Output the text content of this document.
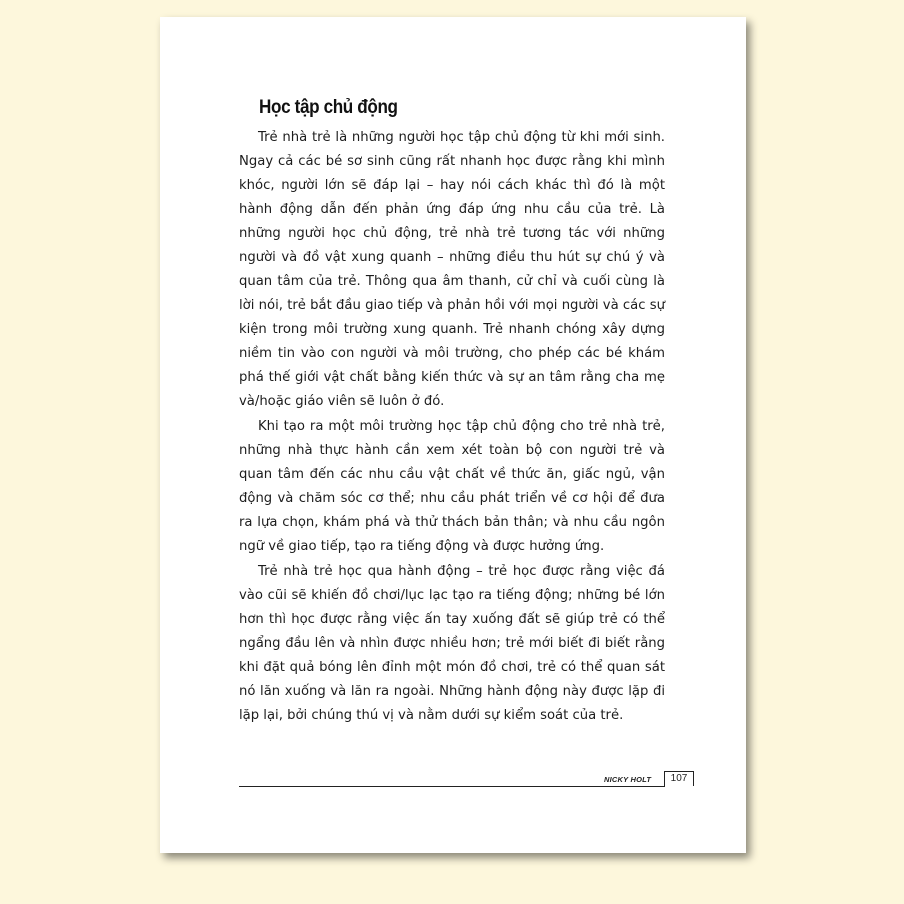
Học tập chủ động

Trẻ nhà trẻ là những người học tập chủ động từ khi mới sinh. Ngay cả các bé sơ sinh cũng rất nhanh học được rằng khi mình khóc, người lớn sẽ đáp lại – hay nói cách khác thì đó là một hành động dẫn đến phản ứng đáp ứng nhu cầu của trẻ. Là những người học chủ động, trẻ nhà trẻ tương tác với những người và đồ vật xung quanh – những điều thu hút sự chú ý và quan tâm của trẻ. Thông qua âm thanh, cử chỉ và cuối cùng là lời nói, trẻ bắt đầu giao tiếp và phản hồi với mọi người và các sự kiện trong môi trường xung quanh. Trẻ nhanh chóng xây dựng niềm tin vào con người và môi trường, cho phép các bé khám phá thế giới vật chất bằng kiến thức và sự an tâm rằng cha mẹ và/hoặc giáo viên sẽ luôn ở đó.

Khi tạo ra một môi trường học tập chủ động cho trẻ nhà trẻ, những nhà thực hành cần xem xét toàn bộ con người trẻ và quan tâm đến các nhu cầu vật chất về thức ăn, giấc ngủ, vận động và chăm sóc cơ thể; nhu cầu phát triển về cơ hội để đưa ra lựa chọn, khám phá và thử thách bản thân; và nhu cầu ngôn ngữ về giao tiếp, tạo ra tiếng động và được hưởng ứng.

Trẻ nhà trẻ học qua hành động – trẻ học được rằng việc đá vào cũi sẽ khiến đồ chơi/lục lạc tạo ra tiếng động; những bé lớn hơn thì học được rằng việc ấn tay xuống đất sẽ giúp trẻ có thể ngẩng đầu lên và nhìn được nhiều hơn; trẻ mới biết đi biết rằng khi đặt quả bóng lên đỉnh một món đồ chơi, trẻ có thể quan sát nó lăn xuống và lăn ra ngoài. Những hành động này được lặp đi lặp lại, bởi chúng thú vị và nằm dưới sự kiểm soát của trẻ.

NICKY HOLT	107
